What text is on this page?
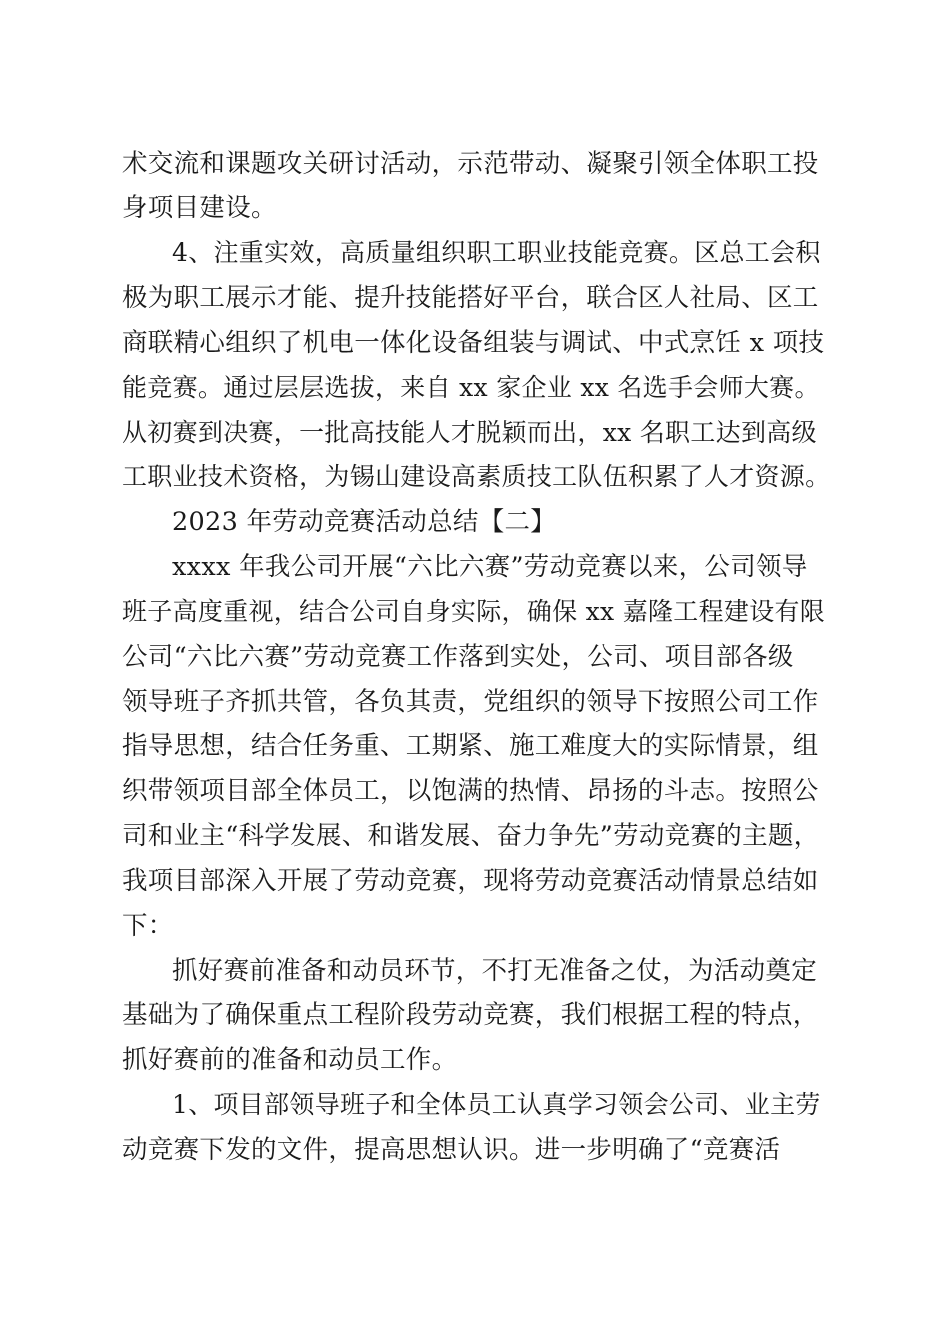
术交流和课题攻关研讨活动，示范带动、凝聚引领全体职工投

身项目建设。

4、注重实效，高质量组织职工职业技能竞赛。区总工会积

极为职工展示才能、提升技能搭好平台，联合区人社局、区工

商联精心组织了机电一体化设备组装与调试、中式烹饪 x 项技

能竞赛。通过层层选拔，来自 xx 家企业 xx 名选手会师大赛。

从初赛到决赛，一批高技能人才脱颖而出，xx 名职工达到高级

工职业技术资格，为锡山建设高素质技工队伍积累了人才资源。

2023 年劳动竞赛活动总结【二】

xxxx 年我公司开展“六比六赛”劳动竞赛以来，公司领导

班子高度重视，结合公司自身实际，确保 xx 嘉隆工程建设有限

公司“六比六赛”劳动竞赛工作落到实处，公司、项目部各级

领导班子齐抓共管，各负其责，党组织的领导下按照公司工作

指导思想，结合任务重、工期紧、施工难度大的实际情景，组

织带领项目部全体员工，以饱满的热情、昂扬的斗志。按照公

司和业主“科学发展、和谐发展、奋力争先”劳动竞赛的主题，

我项目部深入开展了劳动竞赛，现将劳动竞赛活动情景总结如

下：

抓好赛前准备和动员环节，不打无准备之仗，为活动奠定

基础为了确保重点工程阶段劳动竞赛，我们根据工程的特点，

抓好赛前的准备和动员工作。

1、项目部领导班子和全体员工认真学习领会公司、业主劳

动竞赛下发的文件，提高思想认识。进一步明确了“竞赛活
